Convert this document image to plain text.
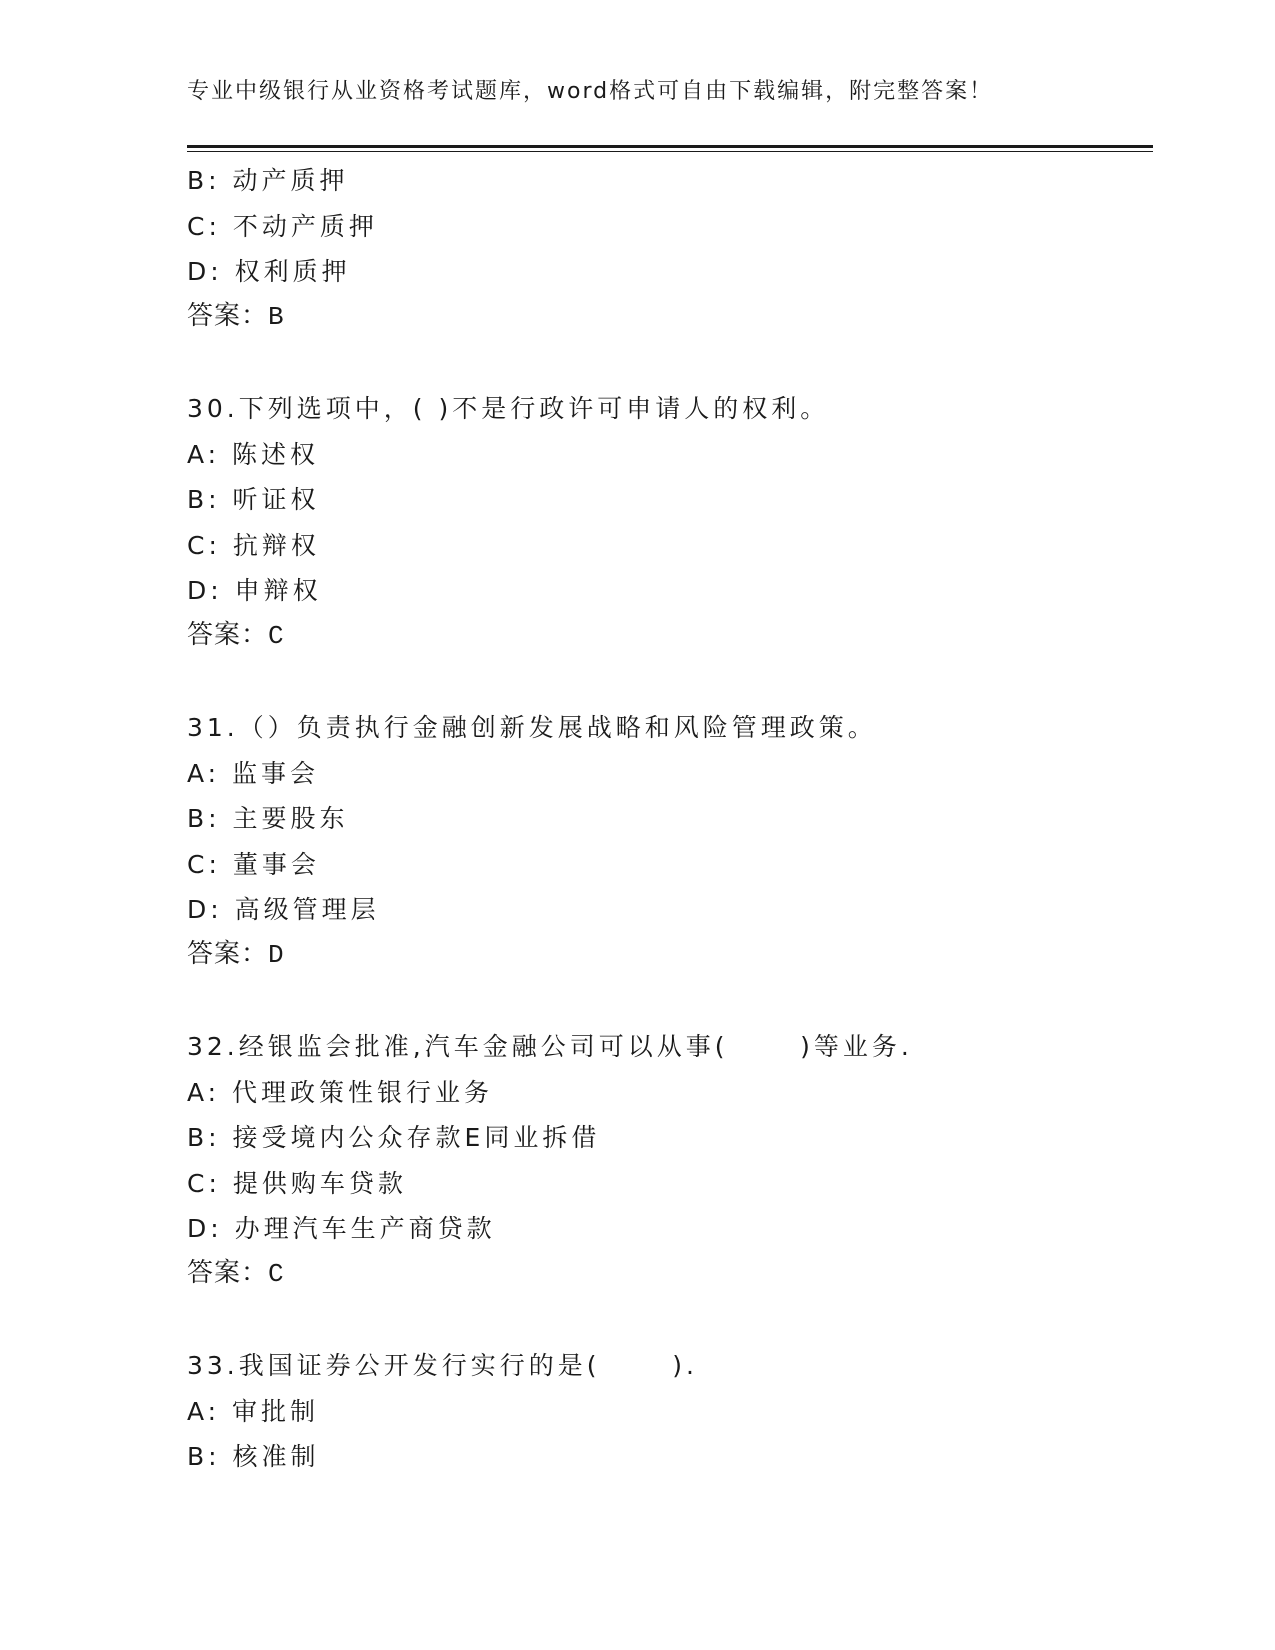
专业中级银行从业资格考试题库，word格式可自由下载编辑，附完整答案！
B: 动产质押
C: 不动产质押
D: 权利质押
答案：B
30.下列选项中，( )不是行政许可申请人的权利。
A: 陈述权
B: 听证权
C: 抗辩权
D: 申辩权
答案：C
31.（）负责执行金融创新发展战略和风险管理政策。
A: 监事会
B: 主要股东
C: 董事会
D: 高级管理层
答案：D
32.经银监会批准,汽车金融公司可以从事(      )等业务.
A: 代理政策性银行业务
B: 接受境内公众存款E同业拆借
C: 提供购车贷款
D: 办理汽车生产商贷款
答案：C
33.我国证券公开发行实行的是(      ).
A: 审批制
B: 核准制
